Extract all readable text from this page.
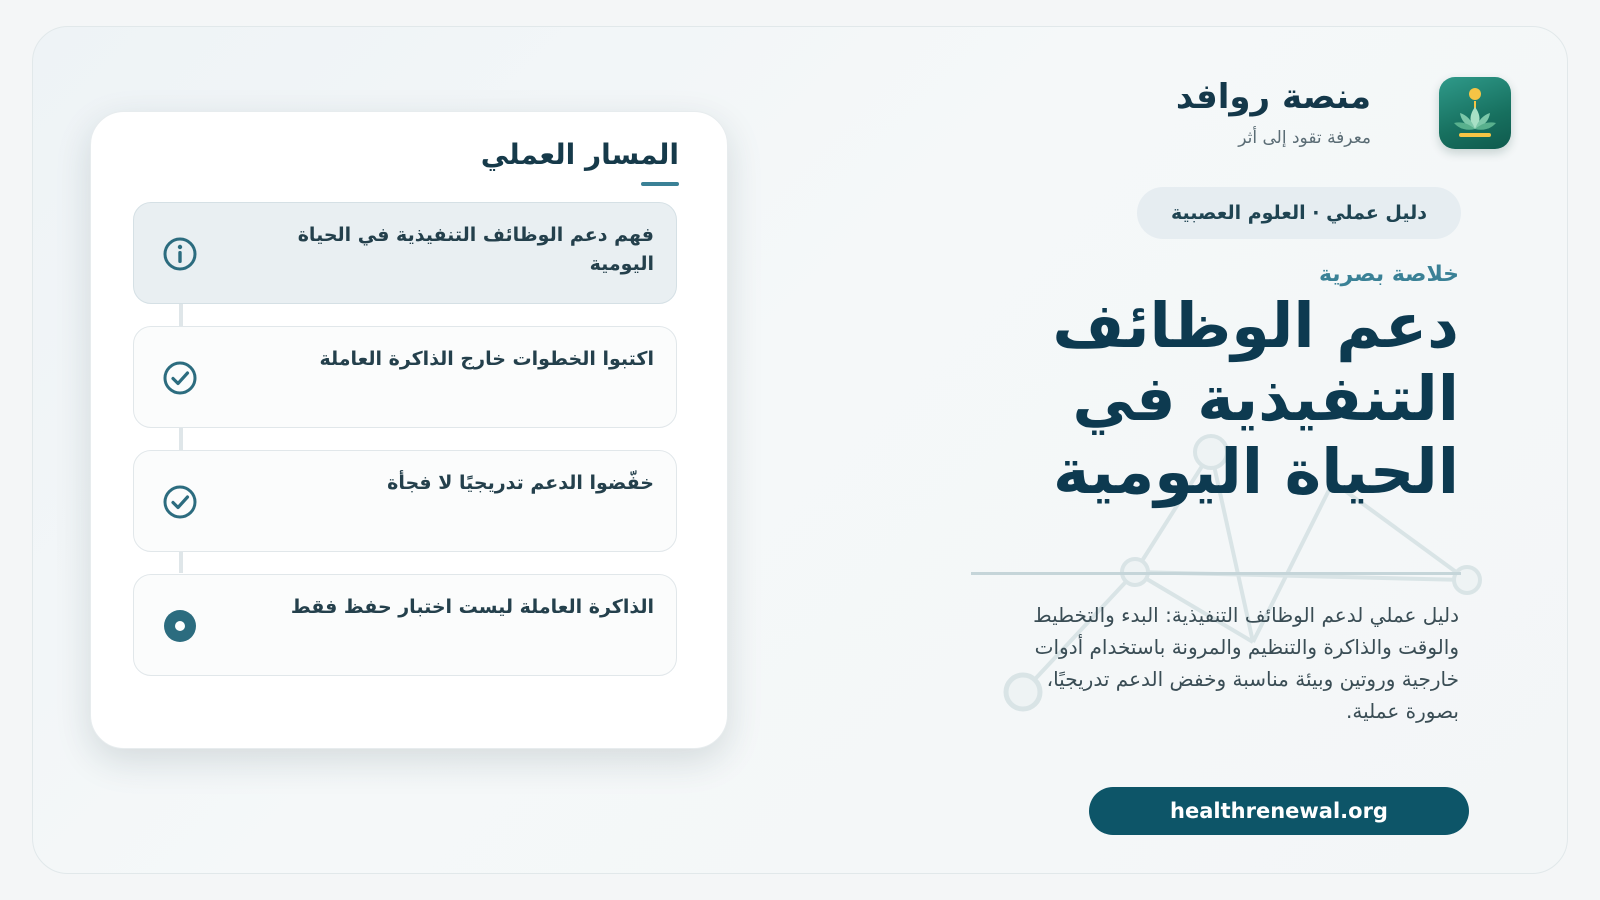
منصة روافد
معرفة تقود إلى أثر
دليل عملي · العلوم العصبية
خلاصة بصرية
دعم الوظائف التنفيذية في الحياة اليومية
دليل عملي لدعم الوظائف التنفيذية: البدء والتخطيط والوقت والذاكرة والتنظيم والمرونة باستخدام أدوات خارجية وروتين وبيئة مناسبة وخفض الدعم تدريجيًا، بصورة عملية.
healthrenewal.org
المسار العملي
فهم دعم الوظائف التنفيذية في الحياة اليومية
اكتبوا الخطوات خارج الذاكرة العاملة
خفّضوا الدعم تدريجيًا لا فجأة
الذاكرة العاملة ليست اختبار حفظ فقط
